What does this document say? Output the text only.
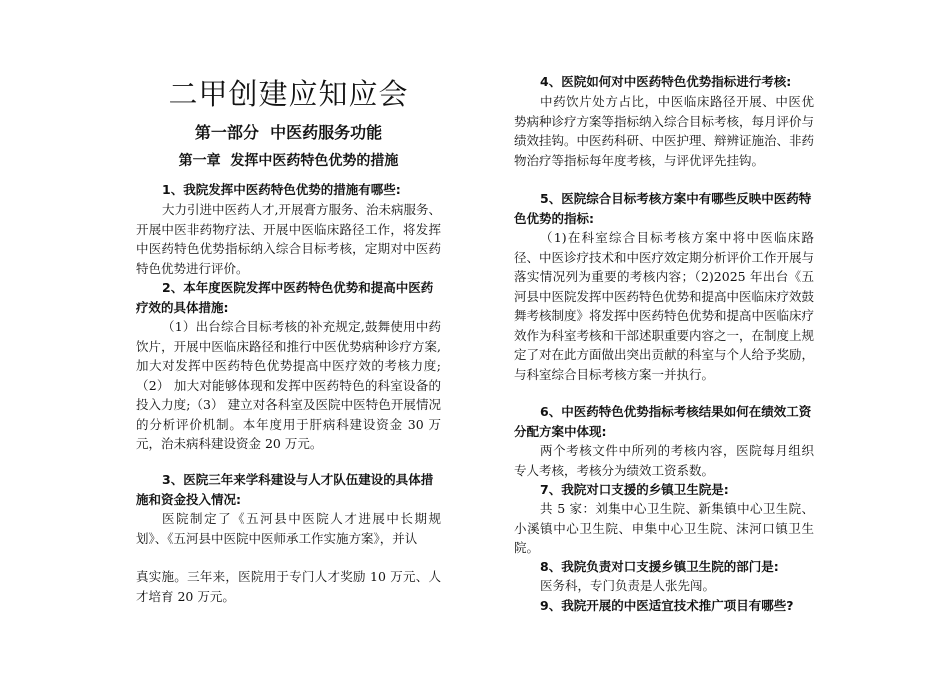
二甲创建应知应会
第一部分  中医药服务功能
第一章  发挥中医药特色优势的措施

1、我院发挥中医药特色优势的措施有哪些:

大力引进中医药人才,开展膏方服务、治未病服务、开展中医非药物疗法、开展中医临床路径工作，将发挥中医药特色优势指标纳入综合目标考核，定期对中医药特色优势进行评价。

2、本年度医院发挥中医药特色优势和提高中医药疗效的具体措施:

（1）出台综合目标考核的补充规定,鼓舞使用中药饮片，开展中医临床路径和推行中医优势病种诊疗方案,加大对发挥中医药特色优势提高中医疗效的考核力度;（2） 加大对能够体现和发挥中医药特色的科室设备的投入力度;（3） 建立对各科室及医院中医特色开展情况的分析评价机制。本年度用于肝病科建设资金 30 万元，治未病科建设资金 20 万元。

3、医院三年来学科建设与人才队伍建设的具体措施和资金投入情况:

医院制定了《五河县中医院人才进展中长期规划》、《五河县中医院中医师承工作实施方案》，并认

真实施。三年来，医院用于专门人才奖励 10 万元、人才培育 20 万元。

4、医院如何对中医药特色优势指标进行考核:

中药饮片处方占比，中医临床路径开展、中医优势病种诊疗方案等指标纳入综合目标考核，每月评价与绩效挂钩。中医药科研、中医护理、辩辨证施治、非药物治疗等指标每年度考核，与评优评先挂钩。

5、医院综合目标考核方案中有哪些反映中医药特色优势的指标:

（1)在科室综合目标考核方案中将中医临床路径、中医诊疗技术和中医疗效定期分析评价工作开展与落实情况列为重要的考核内容；（2)2025 年出台《五河县中医院发挥中医药特色优势和提高中医临床疗效鼓舞考核制度》将发挥中医药特色优势和提高中医临床疗效作为科室考核和干部述职重要内容之一，在制度上规定了对在此方面做出突出贡献的科室与个人给予奖励，与科室综合目标考核方案一并执行。

6、中医药特色优势指标考核结果如何在绩效工资分配方案中体现:

两个考核文件中所列的考核内容，医院每月组织专人考核，考核分为绩效工资系数。

7、我院对口支援的乡镇卫生院是:

共 5 家：刘集中心卫生院、新集镇中心卫生院、小溪镇中心卫生院、申集中心卫生院、沫河口镇卫生院。

8、我院负责对口支援乡镇卫生院的部门是:

医务科，专门负责是人张先闯。

9、我院开展的中医适宜技术推广项目有哪些?
